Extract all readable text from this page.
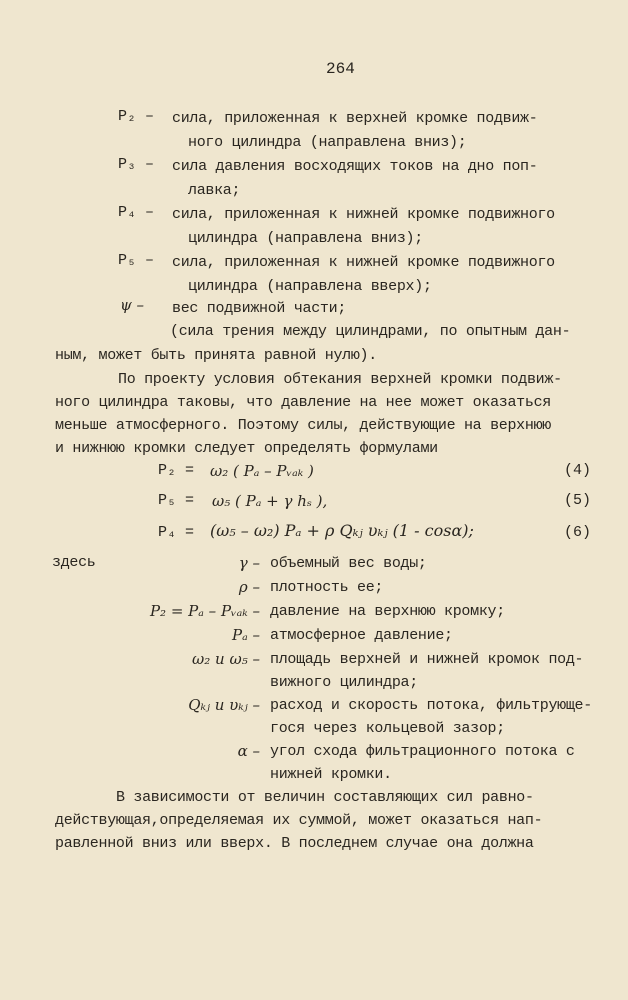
264
P₂ – сила, приложенная к верхней кромке подвиж-
ного цилиндра (направлена вниз);
P₃ – сила давления восходящих токов на дно поп-
лавка;
P₄ – сила, приложенная к нижней кромке подвижного
цилиндра (направлена вниз);
P₅ – сила, приложенная к нижней кромке подвижного
цилиндра (направлена вверх);
ψ – вес подвижной части;
(сила трения между цилиндрами, по опытным дан-
ным, может быть принята равной нулю).
По проекту условия обтекания верхней кромки подвиж-
ного цилиндра таковы, что давление на нее может оказаться
меньше атмосферного. Поэтому силы, действующие на верхнюю
и нижнюю кромки следует определять формулами
P₂ = ω₂ ( Pₐ – Pᵥₐₖ )	(4)
P₅ = ω₅ ( Pₐ + γ hₛ ),	(5)
P₄ = (ω₅ – ω₂) Pₐ + ρ Qₖⱼ υₖⱼ (1 - cosα);	(6)
здесь	γ – объемный вес воды;
ρ – плотность ее;
P₂ = Pₐ – Pᵥₐₖ – давление на верхнюю кромку;
Pₐ – атмосферное давление;
ω₂ и ω₅ – площадь верхней и нижней кромок под-
вижного цилиндра;
Qₖⱼ и υₖⱼ – расход и скорость потока, фильтрующе-
гося через кольцевой зазор;
α – угол схода фильтрационного потока с
нижней кромки.
В зависимости от величин составляющих сил равно-
действующая,определяемая их суммой, может оказаться нап-
равленной вниз или вверх. В последнем случае она должна
